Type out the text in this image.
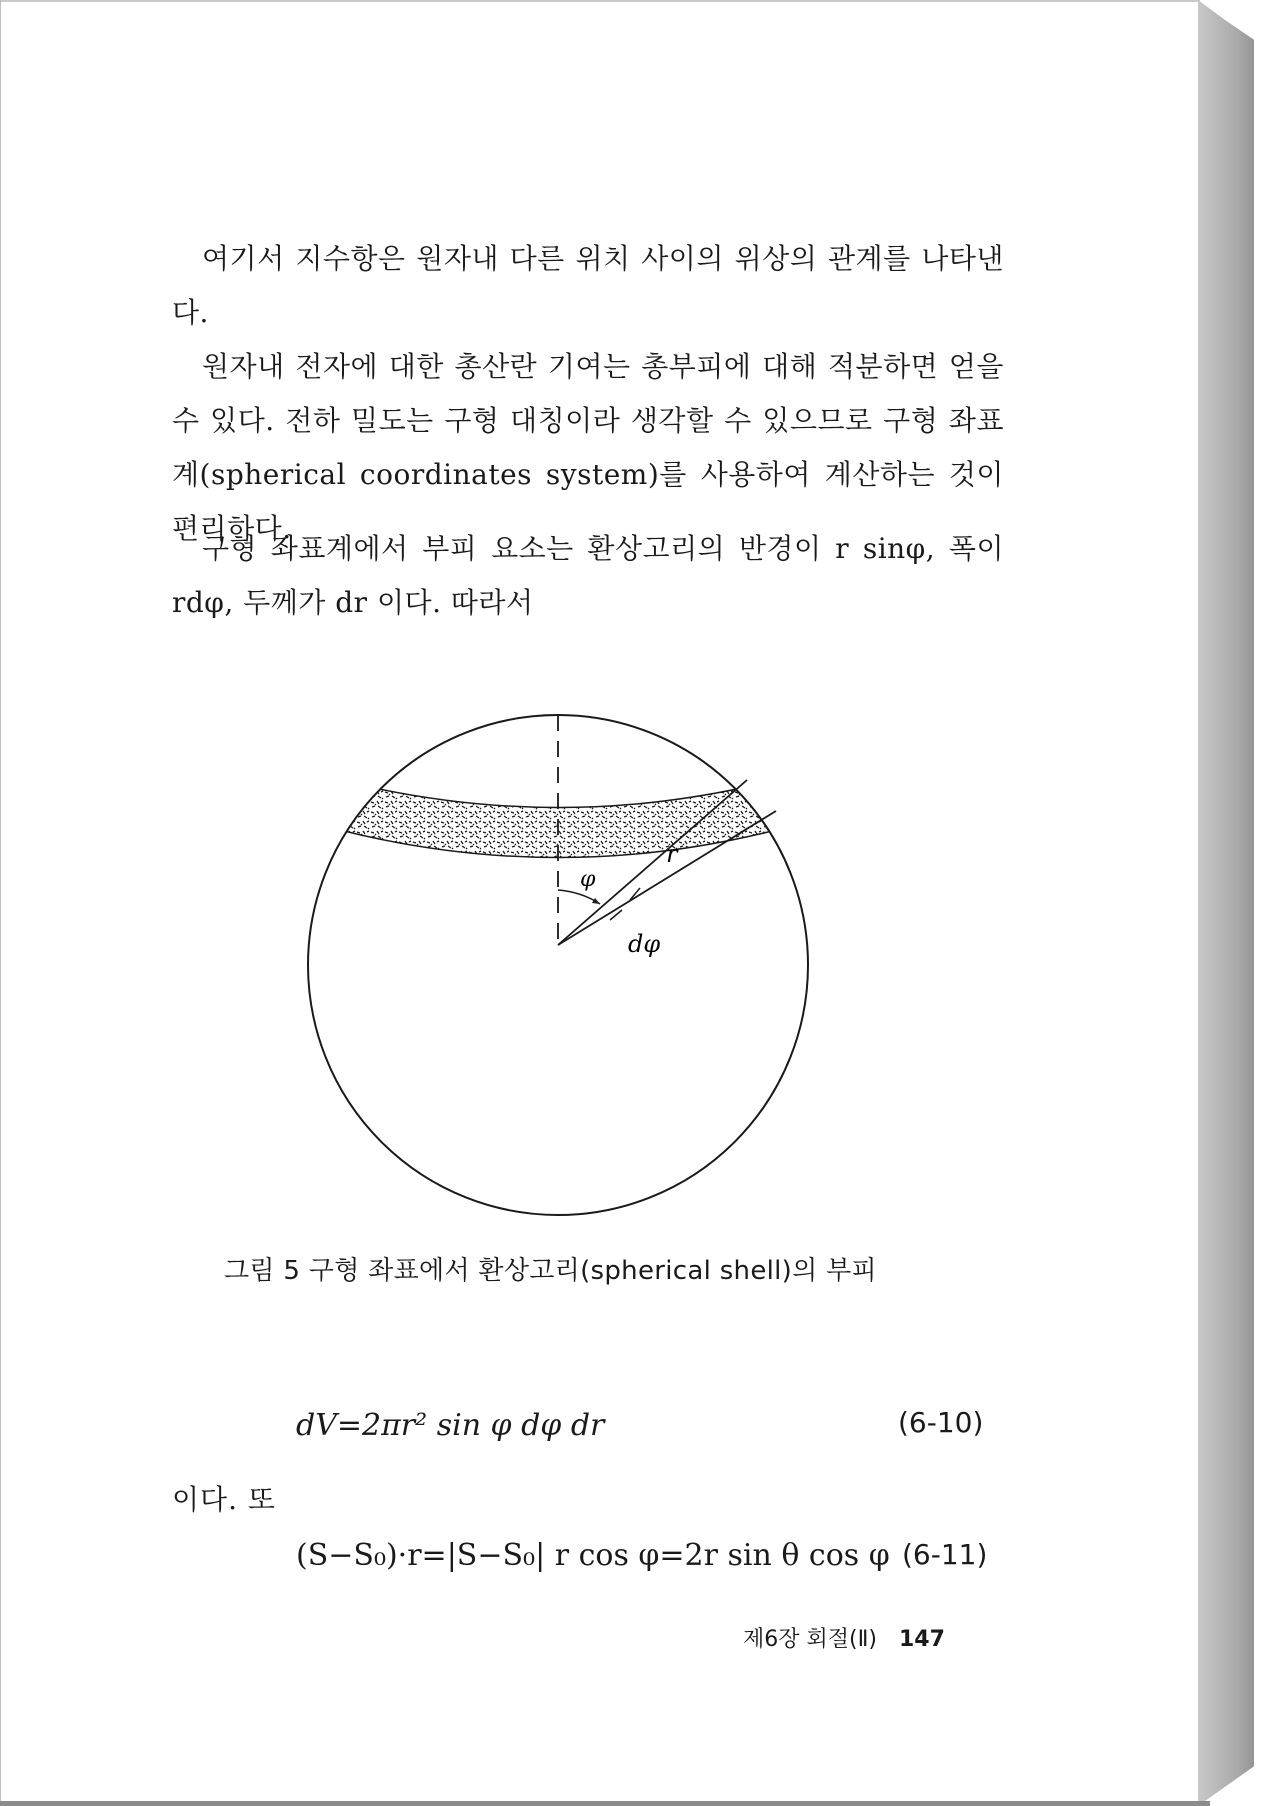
여기서 지수항은 원자내 다른 위치 사이의 위상의 관계를 나타낸다.

원자내 전자에 대한 총산란 기여는 총부피에 대해 적분하면 얻을 수 있다. 전하 밀도는 구형 대칭이라 생각할 수 있으므로 구형 좌표계(spherical coordinates system)를 사용하여 계산하는 것이 편리하다.

구형 좌표계에서 부피 요소는 환상고리의 반경이 r sinφ, 폭이 rdφ, 두께가 dr 이다. 따라서

φ
r
dφ
그림 5 구형 좌표에서 환상고리(spherical shell)의 부피
dV=2πr² sin φ dφ dr	(6-10)
이다. 또
(S−S₀)·r=|S−S₀| r cos φ=2r sin θ cos φ (6-11)
제6장 회절(Ⅱ) 147
